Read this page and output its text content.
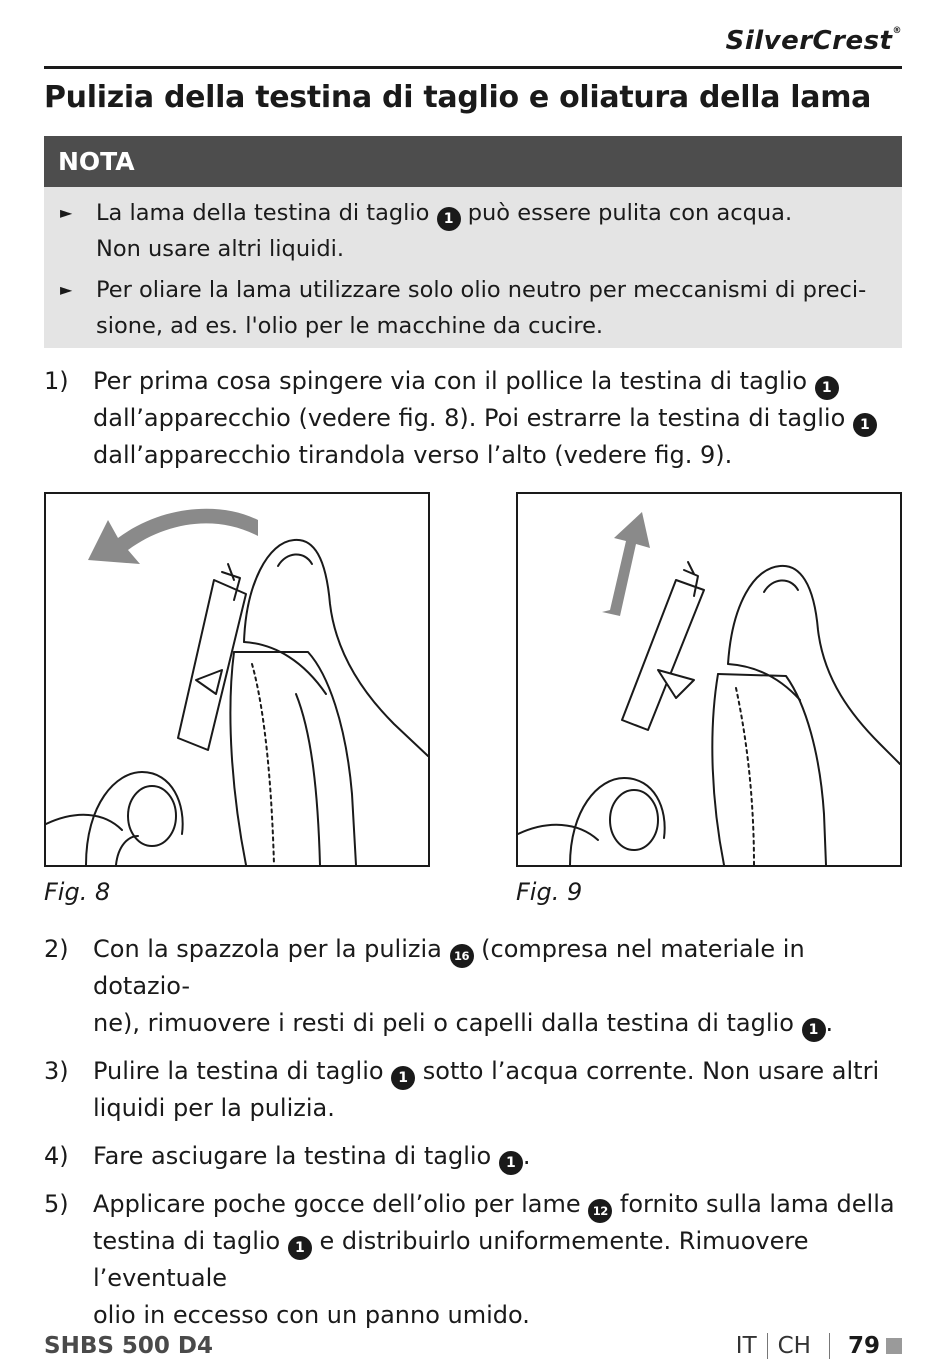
SilverCrest®
Pulizia della testina di taglio e oliatura della lama
NOTA
► La lama della testina di taglio 1 può essere pulita con acqua.
Non usare altri liquidi.
► Per oliare la lama utilizzare solo olio neutro per meccanismi di preci-
sione, ad es. l'olio per le macchine da cucire.
1) Per prima cosa spingere via con il pollice la testina di taglio 1
dall’apparecchio (vedere fig. 8). Poi estrarre la testina di taglio 1
dall’apparecchio tirandola verso l’alto (vedere fig. 9).
Fig. 8	Fig. 9
2) Con la spazzola per la pulizia 16 (compresa nel materiale in dotazio-
ne), rimuovere i resti di peli o capelli dalla testina di taglio 1 .
3) Pulire la testina di taglio 1 sotto l’acqua corrente. Non usare altri
liquidi per la pulizia.
4) Fare asciugare la testina di taglio 1 .
5) Applicare poche gocce dell’olio per lame 12 fornito sulla lama della
testina di taglio 1 e distribuirlo uniformemente. Rimuovere l’eventuale
olio in eccesso con un panno umido.
SHBS 500 D4	IT CH 79
